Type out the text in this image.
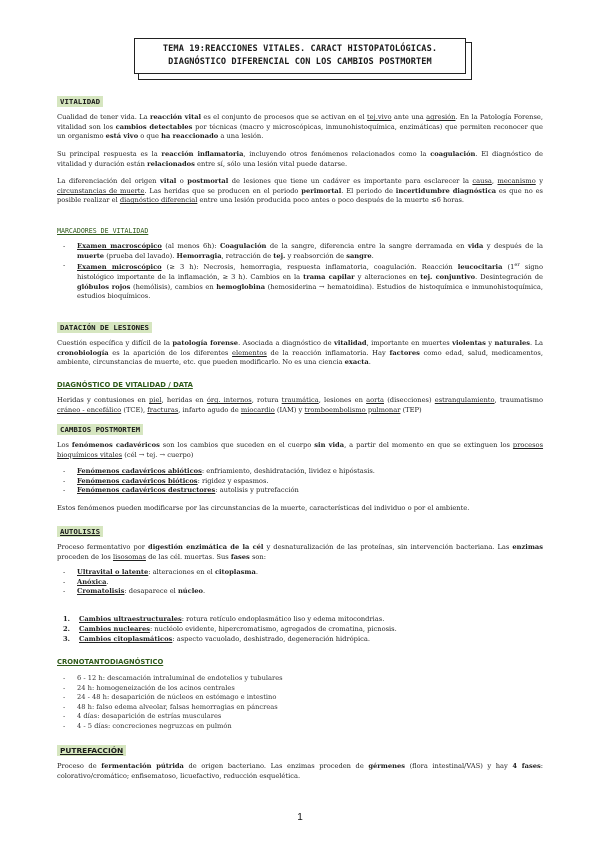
TEMA 19:REACCIONES VITALES. CARACT HISTOPATOLÓGICAS.
DIAGNÓSTICO DIFERENCIAL CON LOS CAMBIOS POSTMORTEM
VITALIDAD
Cualidad de tener vida. La reacción vital es el conjunto de procesos que se activan en el tej.vivo ante una agresión. En la Patología Forense, vitalidad son los cambios detectables por técnicas (macro y microscópicas, inmunohistoquímica, enzimáticas) que permiten reconocer que un organismo está vivo o que ha reaccionado a una lesión.
Su principal respuesta es la reacción inflamatoria, incluyendo otros fenómenos relacionados como la coagulación. El diagnóstico de vitalidad y duración están relacionados entre sí, sólo una lesión vital puede datarse.
La diferenciación del origen vital o postmortal de lesiones que tiene un cadáver es importante para esclarecer la causa, mecanismo y circunstancias de muerte. Las heridas que se producen en el periodo perimortal. El periodo de incertidumbre diagnóstica es que no es posible realizar el diagnóstico diferencial entre una lesión producida poco antes o poco después de la muerte ≤6 horas.
MARCADORES DE VITALIDAD
- Examen macroscópico (al menos 6h): Coagulación de la sangre, diferencia entre la sangre derramada en vida y después de la muerte (prueba del lavado). Hemorragia, retracción de tej. y reabsorción de sangre.
- Examen microscópico (≥ 3 h): Necrosis, hemorragia, respuesta inflamatoria, coagulación. Reacción leucocitaria (1er signo histológico importante de la inflamación, ≥ 3 h). Cambios en la trama capilar y alteraciones en tej. conjuntivo. Desintegración de glóbulos rojos (hemólisis), cambios en hemoglobina (hemosiderina → hematoidina). Estudios de histoquímica e inmunohistoquímica, estudios bioquímicos.
DATACIÓN DE LESIONES
Cuestión específica y difícil de la patología forense. Asociada a diagnóstico de vitalidad, importante en muertes violentas y naturales. La cronobiología es la aparición de los diferentes elementos de la reacción inflamatoria. Hay factores como edad, salud, medicamentos, ambiente, circunstancias de muerte, etc. que pueden modificarlo. No es una ciencia exacta.
DIAGNÓSTICO DE VITALIDAD / DATA
Heridas y contusiones en piel, heridas en órg. internos, rotura traumática, lesiones en aorta (disecciones) estrangulamiento, traumatismo cráneo - encefálico (TCE), fracturas, infarto agudo de miocardio (IAM) y tromboembolismo pulmonar (TEP)
CAMBIOS POSTMORTEM
Los fenómenos cadavéricos son los cambios que suceden en el cuerpo sin vida, a partir del momento en que se extinguen los procesos bioquímicos vitales (cél → tej. → cuerpo)
- Fenómenos cadavéricos abióticos: enfriamiento, deshidratación, lividez e hipóstasis.
- Fenómenos cadavéricos bióticos: rigidez y espasmos.
- Fenómenos cadavéricos destructores: autolisis y putrefacción
Estos fenómenos pueden modificarse por las circunstancias de la muerte, características del individuo o por el ambiente.
AUTOLISIS
Proceso fermentativo por digestión enzimática de la cél y desnaturalización de las proteínas, sin intervención bacteriana. Las enzimas proceden de los lisosomas de las cél. muertas. Sus fases son:
- Ultravital o latente: alteraciones en el citoplasma.
- Anóxica.
- Cromatolisis: desaparece el núcleo.
1. Cambios ultraestructurales: rotura retículo endoplasmático liso y edema mitocondrias.
2. Cambios nucleares: nucléolo evidente, hipercromatismo, agregados de cromatina, picnosis.
3. Cambios citoplasmáticos: aspecto vacuolado, deshistrado, degeneración hidrópica.
CRONOTANTODIAGNÓSTICO
- 6 - 12 h: descamación intraluminal de endotelios y tubulares
- 24 h: homogeneización de los acinos centrales
- 24 - 48 h: desaparición de núcleos en estómago e intestino
- 48 h: falso edema alveolar, falsas hemorragias en páncreas
- 4 días: desaparición de estrías musculares
- 4 - 5 días: concreciones negruzcas en pulmón
PUTREFACCIÓN
Proceso de fermentación pútrida de origen bacteriano. Las enzimas proceden de gérmenes (flora intestinal/VAS) y hay 4 fases: colorativo/cromático; enfisematoso, licuefactivo, reducción esquelética.
1
